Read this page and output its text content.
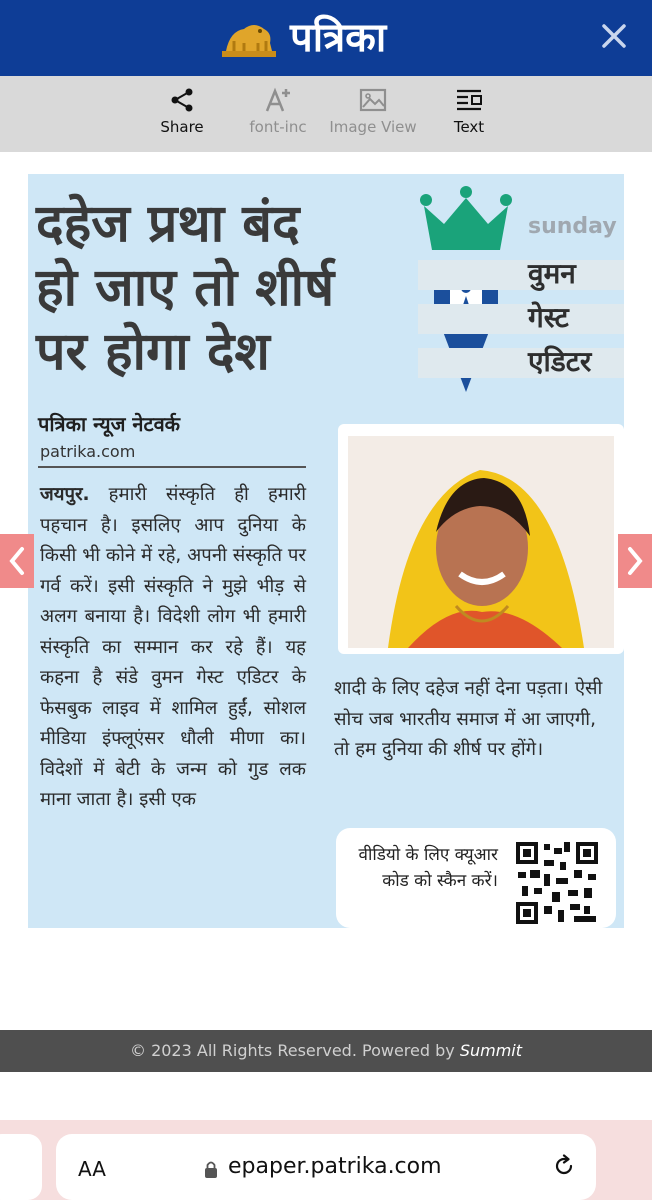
पत्रिका
Share	font-inc Image View Text
दहेज प्रथा बंद
हो जाए तो शीर्ष
पर होगा देश
पत्रिका न्यूज नेटवर्क
patrika.com
sunday
वुमन
गेस्ट
एडिटर
जयपुर. हमारी संस्कृति ही हमारी पहचान है। इसलिए आप दुनिया के किसी भी कोने में रहे, अपनी संस्कृति पर गर्व करें। इसी संस्कृति ने मुझे भीड़ से अलग बनाया है। विदेशी लोग भी हमारी संस्कृति का सम्मान कर रहे हैं। यह कहना है संडे वुमन गेस्ट एडिटर के फेसबुक लाइव में शामिल हुईं, सोशल मीडिया इंफ्लूएंसर धौली मीणा का। विदेशों में बेटी के जन्म को गुड लक माना जाता है। इसी एक
शादी के लिए दहेज नहीं देना पड़ता। ऐसी सोच जब भारतीय समाज में आ जाएगी, तो हम दुनिया की शीर्ष पर होंगे।
वीडियो के लिए क्यूआर कोड को स्कैन करें।
© 2023 All Rights Reserved. Powered by Summit
AA	epaper.patrika.com
